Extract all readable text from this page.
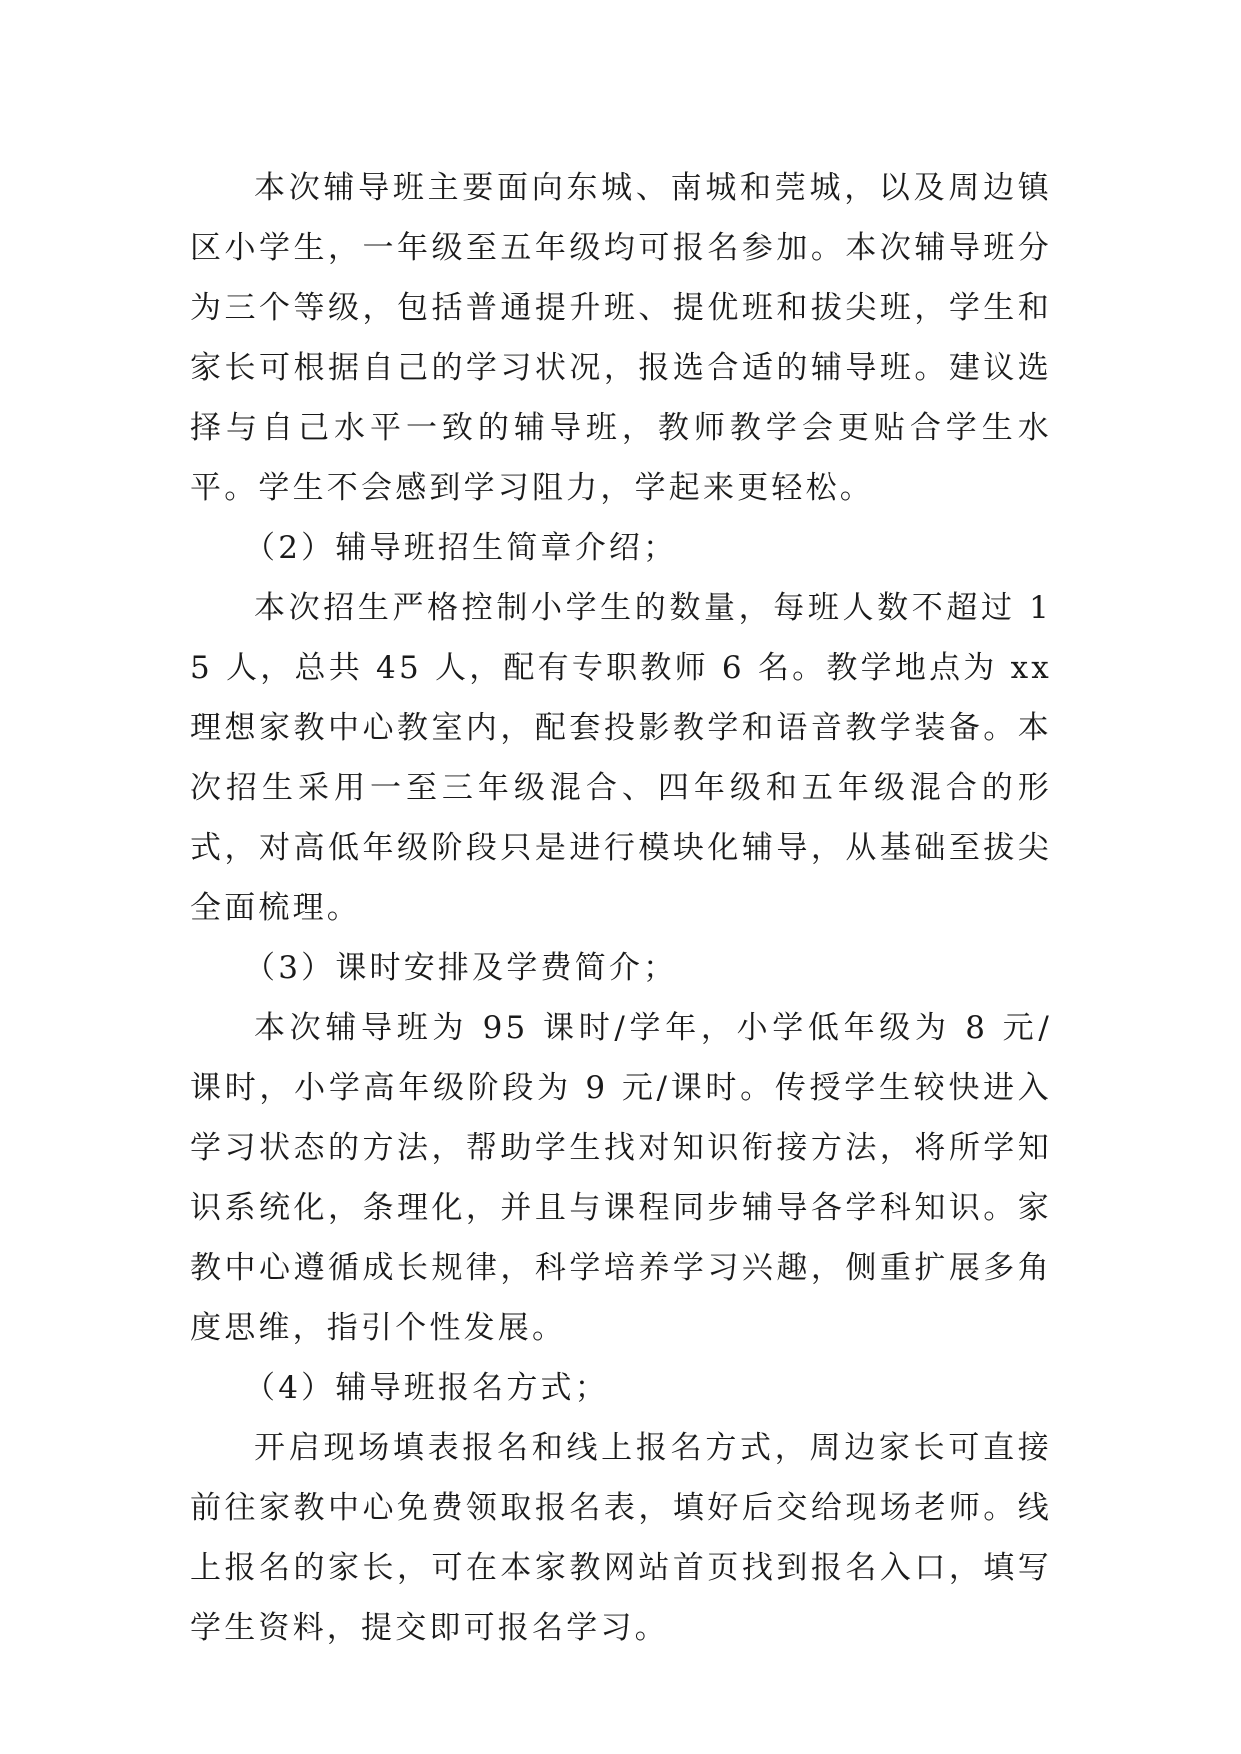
本次辅导班主要面向东城、南城和莞城，以及周边镇区小学生，一年级至五年级均可报名参加。本次辅导班分为三个等级，包括普通提升班、提优班和拔尖班，学生和家长可根据自己的学习状况，报选合适的辅导班。建议选择与自己水平一致的辅导班，教师教学会更贴合学生水平。学生不会感到学习阻力，学起来更轻松。

（2）辅导班招生简章介绍；

本次招生严格控制小学生的数量，每班人数不超过 15 人，总共 45 人，配有专职教师 6 名。教学地点为 xx 理想家教中心教室内，配套投影教学和语音教学装备。本次招生采用一至三年级混合、四年级和五年级混合的形式，对高低年级阶段只是进行模块化辅导，从基础至拔尖全面梳理。

（3）课时安排及学费简介；

本次辅导班为 95 课时/学年，小学低年级为 8 元/课时，小学高年级阶段为 9 元/课时。传授学生较快进入学习状态的方法，帮助学生找对知识衔接方法，将所学知识系统化，条理化，并且与课程同步辅导各学科知识。家教中心遵循成长规律，科学培养学习兴趣，侧重扩展多角度思维，指引个性发展。

（4）辅导班报名方式；

开启现场填表报名和线上报名方式，周边家长可直接前往家教中心免费领取报名表，填好后交给现场老师。线上报名的家长，可在本家教网站首页找到报名入口，填写学生资料，提交即可报名学习。
